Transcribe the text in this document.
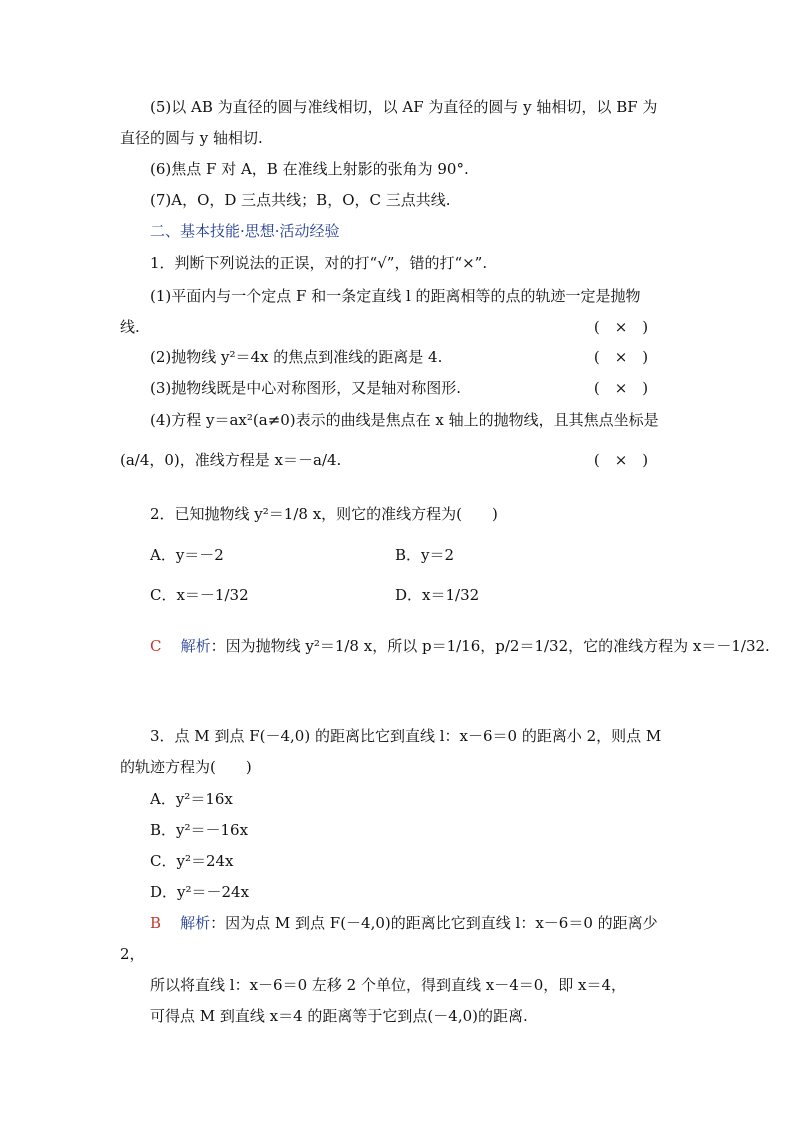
(5)以 AB 为直径的圆与准线相切，以 AF 为直径的圆与 y 轴相切，以 BF 为
直径的圆与 y 轴相切.
(6)焦点 F 对 A，B 在准线上射影的张角为 90°.
(7)A，O，D 三点共线；B，O，C 三点共线.
二、基本技能·思想·活动经验
1．判断下列说法的正误，对的打“√”，错的打“×”.
(1)平面内与一个定点 F 和一条定直线 l 的距离相等的点的轨迹一定是抛物
线.	(　×　)
(2)抛物线 y²＝4x 的焦点到准线的距离是 4.	(　×　)
(3)抛物线既是中心对称图形，又是轴对称图形.	(　×　)
(4)方程 y＝ax²(a≠0)表示的曲线是焦点在 x 轴上的抛物线，且其焦点坐标是
(a/4，0)，准线方程是 x＝－a/4.	(　×　)
2．已知抛物线 y²＝1/8 x，则它的准线方程为(　　)
A．y＝－2	B．y＝2
C．x＝－1/32	D．x＝1/32
C 解析：因为抛物线 y²＝1/8 x，所以 p＝1/16，p/2＝1/32，它的准线方程为 x＝－1/32.
3．点 M 到点 F(－4,0) 的距离比它到直线 l：x－6＝0 的距离小 2，则点 M
的轨迹方程为(　　)
A．y²＝16x
B．y²＝－16x
C．y²＝24x
D．y²＝－24x
B 解析：因为点 M 到点 F(－4,0)的距离比它到直线 l：x－6＝0 的距离少
2，
所以将直线 l：x－6＝0 左移 2 个单位，得到直线 x－4＝0，即 x＝4，
可得点 M 到直线 x＝4 的距离等于它到点(－4,0)的距离.
